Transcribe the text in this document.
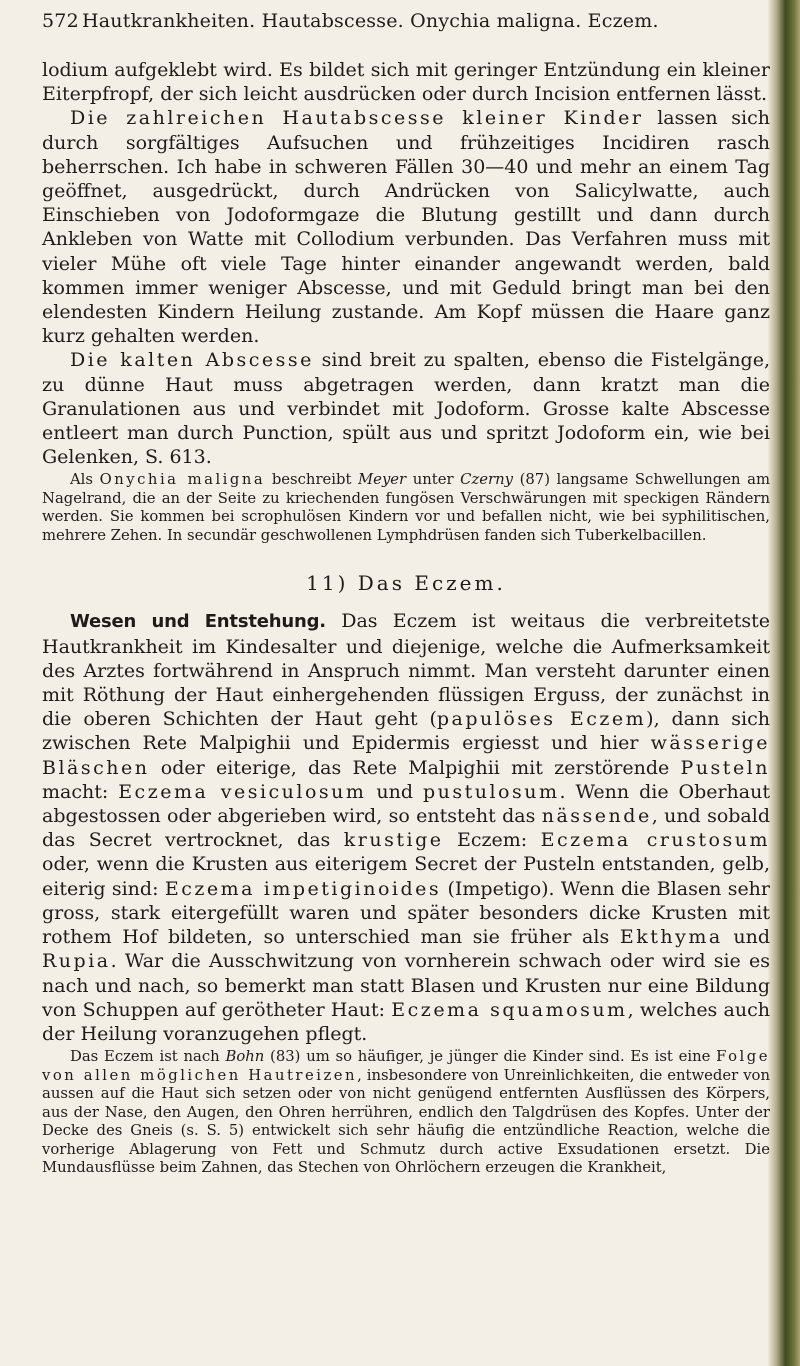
572 Hautkrankheiten. Hautabscesse. Onychia maligna. Eczem.

lodium aufgeklebt wird. Es bildet sich mit geringer Entzündung ein kleiner Eiterpfropf, der sich leicht ausdrücken oder durch Incision entfernen lässt.

Die zahlreichen Hautabscesse kleiner Kinder lassen sich durch sorgfältiges Aufsuchen und frühzeitiges Incidiren rasch beherrschen. Ich habe in schweren Fällen 30—40 und mehr an einem Tag geöffnet, ausgedrückt, durch Andrücken von Salicylwatte, auch Einschieben von Jodoformgaze die Blutung gestillt und dann durch Ankleben von Watte mit Collodium verbunden. Das Verfahren muss mit vieler Mühe oft viele Tage hinter einander angewandt werden, bald kommen immer weniger Abscesse, und mit Geduld bringt man bei den elendesten Kindern Heilung zustande. Am Kopf müssen die Haare ganz kurz gehalten werden.

Die kalten Abscesse sind breit zu spalten, ebenso die Fistelgänge, zu dünne Haut muss abgetragen werden, dann kratzt man die Granulationen aus und verbindet mit Jodoform. Grosse kalte Abscesse entleert man durch Punction, spült aus und spritzt Jodoform ein, wie bei Gelenken, S. 613.

Als Onychia maligna beschreibt Meyer unter Czerny (87) langsame Schwellungen am Nagelrand, die an der Seite zu kriechenden fungösen Verschwärungen mit speckigen Rändern werden. Sie kommen bei scrophulösen Kindern vor und befallen nicht, wie bei syphilitischen, mehrere Zehen. In secundär geschwollenen Lymphdrüsen fanden sich Tuberkelbacillen.

11) Das Eczem.

Wesen und Entstehung. Das Eczem ist weitaus die verbreitetste Hautkrankheit im Kindesalter und diejenige, welche die Aufmerksamkeit des Arztes fortwährend in Anspruch nimmt. Man versteht darunter einen mit Röthung der Haut einhergehenden flüssigen Erguss, der zunächst in die oberen Schichten der Haut geht (papulöses Eczem), dann sich zwischen Rete Malpighii und Epidermis ergiesst und hier wässerige Bläschen oder eiterige, das Rete Malpighii mit zerstörende Pusteln macht: Eczema vesiculosum und pustulosum. Wenn die Oberhaut abgestossen oder abgerieben wird, so entsteht das nässende, und sobald das Secret vertrocknet, das krustige Eczem: Eczema crustosum oder, wenn die Krusten aus eiterigem Secret der Pusteln entstanden, gelb, eiterig sind: Eczema impetiginoides (Impetigo). Wenn die Blasen sehr gross, stark eitergefüllt waren und später besonders dicke Krusten mit rothem Hof bildeten, so unterschied man sie früher als Ekthyma und Rupia. War die Ausschwitzung von vornherein schwach oder wird sie es nach und nach, so bemerkt man statt Blasen und Krusten nur eine Bildung von Schuppen auf gerötheter Haut: Eczema squamosum, welches auch der Heilung voranzugehen pflegt.

Das Eczem ist nach Bohn (83) um so häufiger, je jünger die Kinder sind. Es ist eine Folge von allen möglichen Hautreizen, insbesondere von Unreinlichkeiten, die entweder von aussen auf die Haut sich setzen oder von nicht genügend entfernten Ausflüssen des Körpers, aus der Nase, den Augen, den Ohren herrühren, endlich den Talgdrüsen des Kopfes. Unter der Decke des Gneis (s. S. 5) entwickelt sich sehr häufig die entzündliche Reaction, welche die vorherige Ablagerung von Fett und Schmutz durch active Exsudationen ersetzt. Die Mundausflüsse beim Zahnen, das Stechen von Ohrlöchern erzeugen die Krankheit,
